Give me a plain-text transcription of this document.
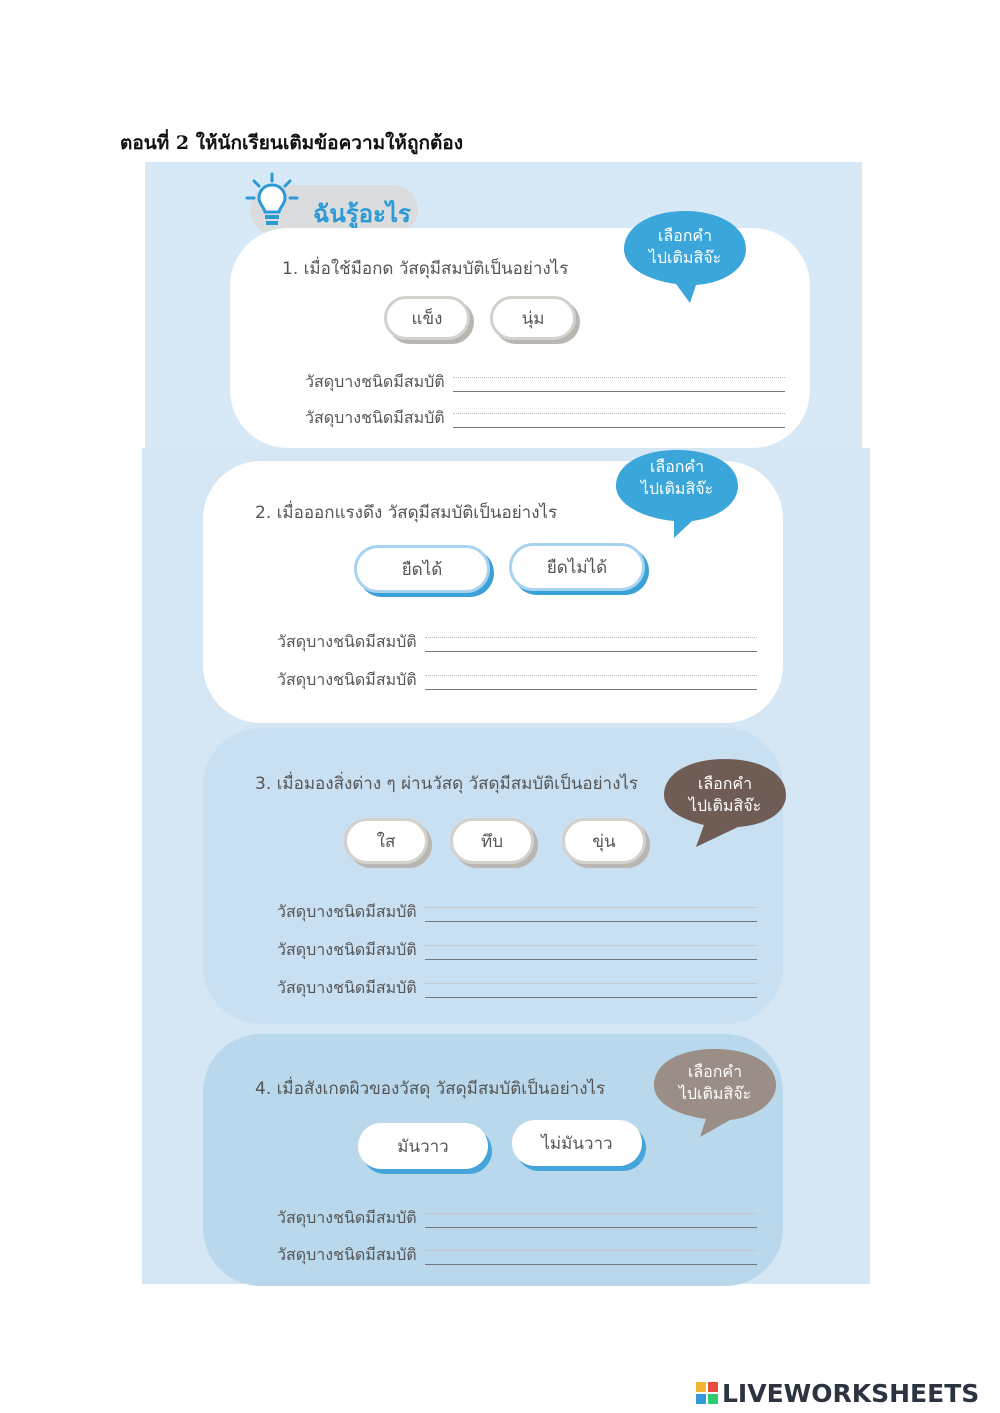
ตอนที่ 2 ให้นักเรียนเติมข้อความให้ถูกต้อง
ฉันรู้อะไร
1. เมื่อใช้มือกด วัสดุมีสมบัติเป็นอย่างไร
แข็ง	นุ่ม
วัสดุบางชนิดมีสมบัติ
วัสดุบางชนิดมีสมบัติ
เลือกคำ
ไปเติมสิจ๊ะ
2. เมื่อออกแรงดึง วัสดุมีสมบัติเป็นอย่างไร
ยืดได้	ยืดไม่ได้
วัสดุบางชนิดมีสมบัติ
วัสดุบางชนิดมีสมบัติ
เลือกคำ
ไปเติมสิจ๊ะ
3. เมื่อมองสิ่งต่าง ๆ ผ่านวัสดุ วัสดุมีสมบัติเป็นอย่างไร
ใส	ทึบ	ขุ่น
วัสดุบางชนิดมีสมบัติ
วัสดุบางชนิดมีสมบัติ
วัสดุบางชนิดมีสมบัติ
เลือกคำ
ไปเติมสิจ๊ะ
4. เมื่อสังเกตผิวของวัสดุ วัสดุมีสมบัติเป็นอย่างไร
มันวาว	ไม่มันวาว
วัสดุบางชนิดมีสมบัติ
วัสดุบางชนิดมีสมบัติ
เลือกคำ
ไปเติมสิจ๊ะ
LIVEWORKSHEETS
